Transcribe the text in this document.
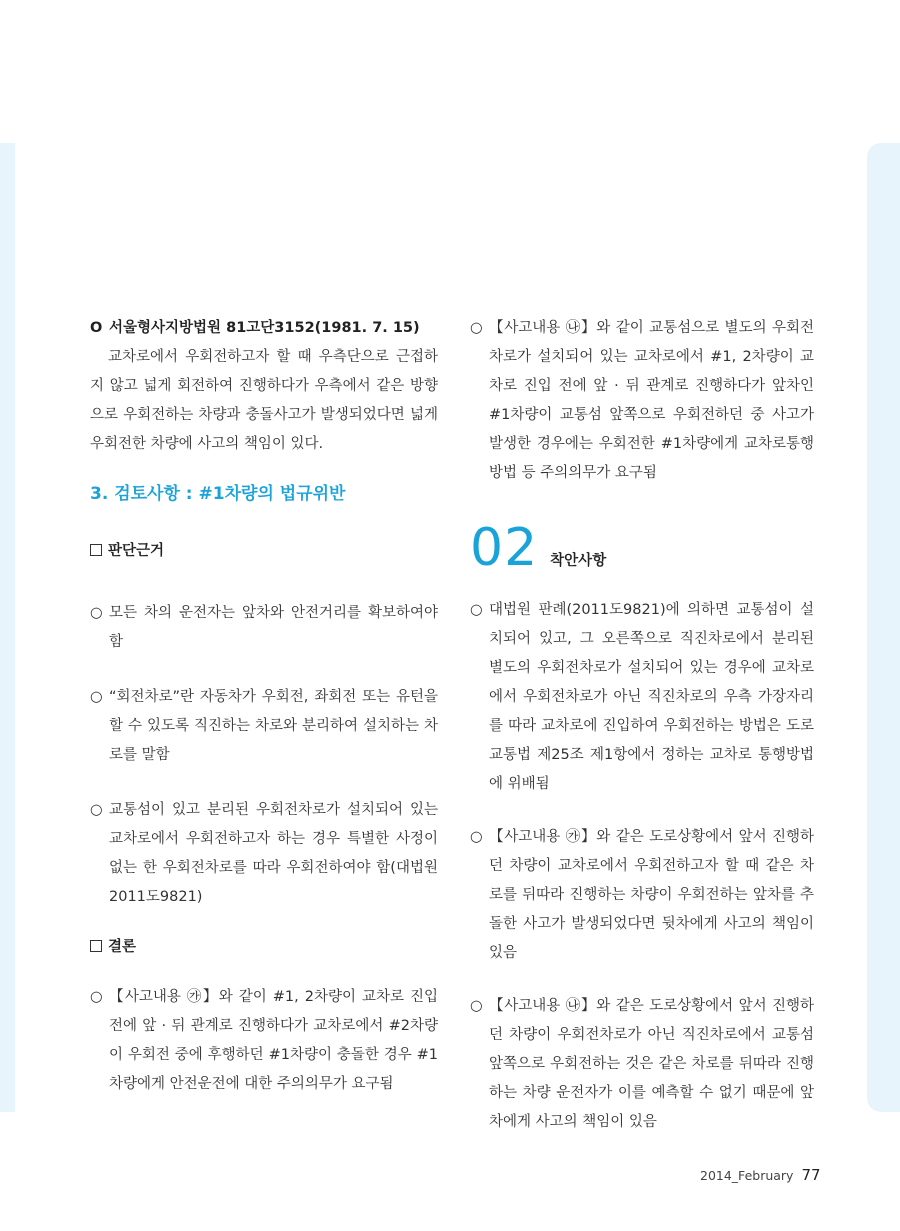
O 서울형사지방법원 81고단3152(1981. 7. 15)
교차로에서 우회전하고자 할 때 우측단으로 근접하지 않고 넓게 회전하여 진행하다가 우측에서 같은 방향으로 우회전하는 차량과 충돌사고가 발생되었다면 넓게 우회전한 차량에 사고의 책임이 있다.
3. 검토사항 : #1차량의 법규위반
판단근거
○ 모든 차의 운전자는 앞차와 안전거리를 확보하여야 함
○ “회전차로”란 자동차가 우회전, 좌회전 또는 유턴을 할 수 있도록 직진하는 차로와 분리하여 설치하는 차로를 말함
○ 교통섬이 있고 분리된 우회전차로가 설치되어 있는 교차로에서 우회전하고자 하는 경우 특별한 사정이 없는 한 우회전차로를 따라 우회전하여야 함(대법원 2011도9821)
결론
○ 【사고내용 ㉮】와 같이 #1, 2차량이 교차로 진입 전에 앞 · 뒤 관계로 진행하다가 교차로에서 #2차량이 우회전 중에 후행하던 #1차량이 충돌한 경우 #1차량에게 안전운전에 대한 주의의무가 요구됨
○ 【사고내용 ㉯】와 같이 교통섬으로 별도의 우회전차로가 설치되어 있는 교차로에서 #1, 2차량이 교차로 진입 전에 앞 · 뒤 관계로 진행하다가 앞차인 #1차량이 교통섬 앞쪽으로 우회전하던 중 사고가 발생한 경우에는 우회전한 #1차량에게 교차로통행방법 등 주의의무가 요구됨
02 착안사항
○ 대법원 판례(2011도9821)에 의하면 교통섬이 설치되어 있고, 그 오른쪽으로 직진차로에서 분리된 별도의 우회전차로가 설치되어 있는 경우에 교차로에서 우회전차로가 아닌 직진차로의 우측 가장자리를 따라 교차로에 진입하여 우회전하는 방법은 도로교통법 제25조 제1항에서 정하는 교차로 통행방법에 위배됨
○ 【사고내용 ㉮】와 같은 도로상황에서 앞서 진행하던 차량이 교차로에서 우회전하고자 할 때 같은 차로를 뒤따라 진행하는 차량이 우회전하는 앞차를 추돌한 사고가 발생되었다면 뒷차에게 사고의 책임이 있음
○ 【사고내용 ㉯】와 같은 도로상황에서 앞서 진행하던 차량이 우회전차로가 아닌 직진차로에서 교통섬 앞쪽으로 우회전하는 것은 같은 차로를 뒤따라 진행하는 차량 운전자가 이를 예측할 수 없기 때문에 앞차에게 사고의 책임이 있음
2014_February 77
